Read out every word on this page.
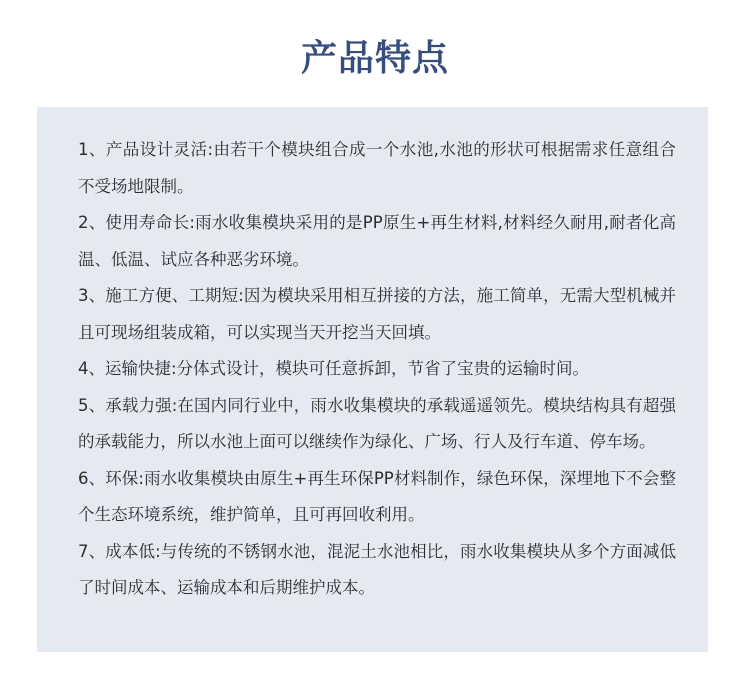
产品特点
1、产品设计灵活:由若干个模块组合成一个水池,水池的形状可根据需求任意组合不受场地限制。
2、使用寿命长:雨水收集模块采用的是PP原生+再生材料,材料经久耐用,耐者化高温、低温、试应各种恶劣环境。
3、施工方便、工期短:因为模块采用相互拼接的方法，施工简单，无需大型机械并且可现场组装成箱，可以实现当天开挖当天回填。
4、运输快捷:分体式设计，模块可任意拆卸，节省了宝贵的运输时间。
5、承载力强:在国内同行业中，雨水收集模块的承载遥遥领先。模块结构具有超强的承载能力，所以水池上面可以继续作为绿化、广场、行人及行车道、停车场。
6、环保:雨水收集模块由原生+再生环保PP材料制作，绿色环保，深埋地下不会整个生态环境系统，维护简单，且可再回收利用。
7、成本低:与传统的不锈钢水池，混泥土水池相比，雨水收集模块从多个方面减低了时间成本、运输成本和后期维护成本。
